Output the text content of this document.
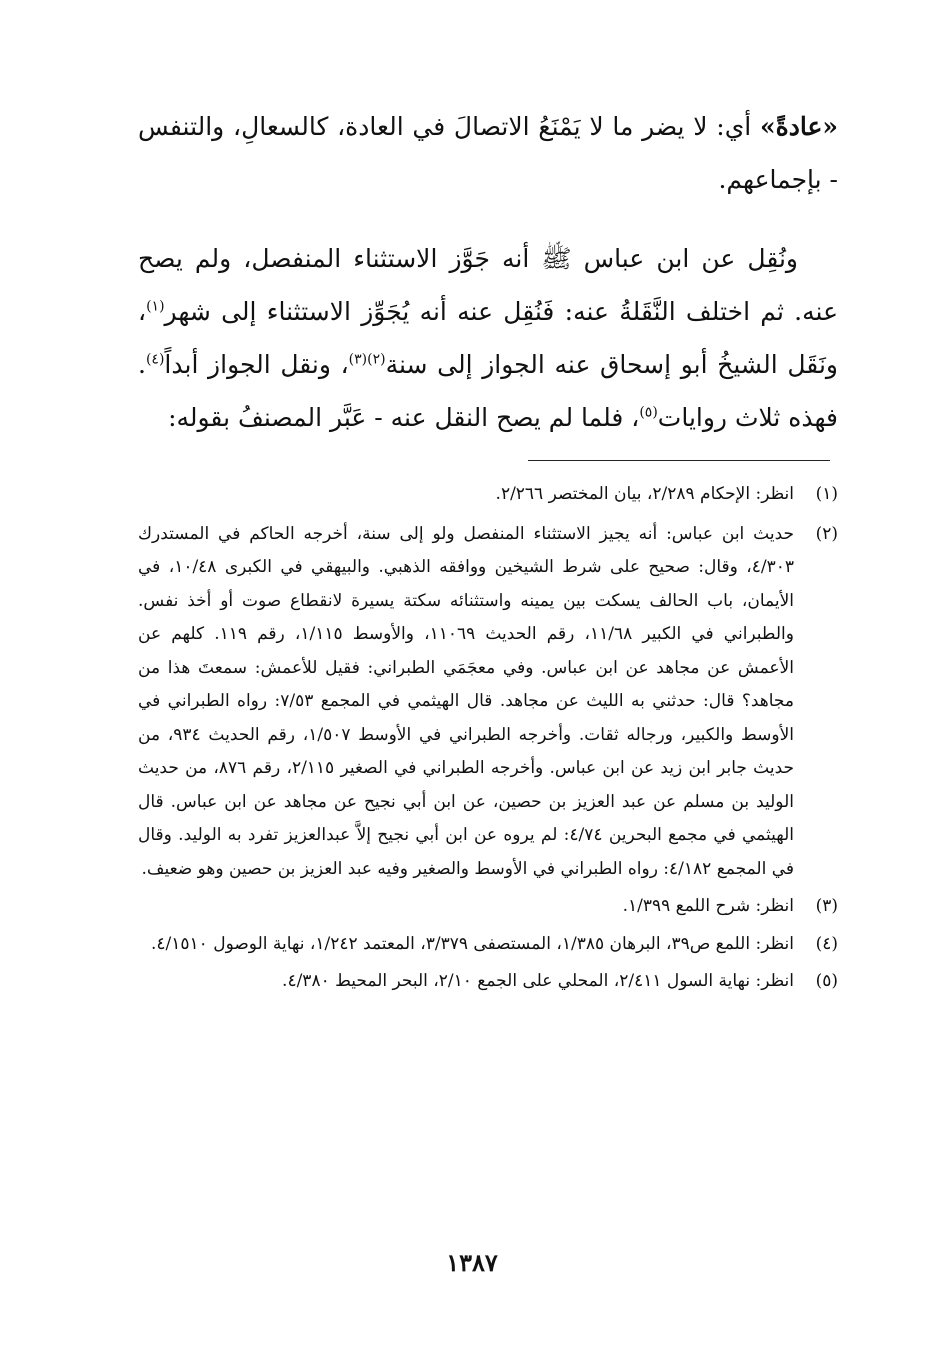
«عادةً» أي: لا يضر ما لا يَمْنَعُ الاتصالَ في العادة، كالسعالِ، والتنفس - بإجماعهم.

ونُقِل عن ابن عباس ﷺ أنه جَوَّز الاستثناء المنفصل، ولم يصح عنه. ثم اختلف النَّقَلةُ عنه: فَنُقِل عنه أنه يُجَوِّز الاستثناء إلى شهر$^{(١)}$، ونَقَل الشيخُ أبو إسحاق عنه الجواز إلى سنة$^{(٢)(٣)}$، ونقل الجواز أبداً$^{(٤)}$. فهذه ثلاث روايات$^{(٥)}$، فلما لم يصح النقل عنه - عَبَّر المصنفُ بقوله:

(١)
انظر: الإحكام ٢/٢٨٩، بيان المختصر ٢/٢٦٦.
(٢)
حديث ابن عباس: أنه يجيز الاستثناء المنفصل ولو إلى سنة، أخرجه الحاكم في المستدرك ٤/٣٠٣، وقال: صحيح على شرط الشيخين ووافقه الذهبي. والبيهقي في الكبرى ١٠/٤٨، في الأيمان، باب الحالف يسكت بين يمينه واستثنائه سكتة يسيرة لانقطاع صوت أو أخذ نفس. والطبراني في الكبير ١١/٦٨، رقم الحديث ١١٠٦٩، والأوسط ١/١١٥، رقم ١١٩. كلهم عن الأعمش عن مجاهد عن ابن عباس. وفي معجَمَي الطبراني: فقيل للأعمش: سمعتَ هذا من مجاهد؟ قال: حدثني به الليث عن مجاهد. قال الهيثمي في المجمع ٧/٥٣: رواه الطبراني في الأوسط والكبير، ورجاله ثقات. وأخرجه الطبراني في الأوسط ١/٥٠٧، رقم الحديث ٩٣٤، من حديث جابر ابن زيد عن ابن عباس. وأخرجه الطبراني في الصغير ٢/١١٥، رقم ٨٧٦، من حديث الوليد بن مسلم عن عبد العزيز بن حصين، عن ابن أبي نجيح عن مجاهد عن ابن عباس. قال الهيثمي في مجمع البحرين ٤/٧٤: لم يروه عن ابن أبي نجيح إلاَّ عبدالعزيز تفرد به الوليد. وقال في المجمع ٤/١٨٢: رواه الطبراني في الأوسط والصغير وفيه عبد العزيز بن حصين وهو ضعيف.
(٣)
انظر: شرح اللمع ١/٣٩٩.
(٤)
انظر: اللمع ص٣٩، البرهان ١/٣٨٥، المستصفى ٣/٣٧٩، المعتمد ١/٢٤٢، نهاية الوصول ٤/١٥١٠.
(٥)
انظر: نهاية السول ٢/٤١١، المحلي على الجمع ٢/١٠، البحر المحيط ٤/٣٨٠.
١٣٨٧
